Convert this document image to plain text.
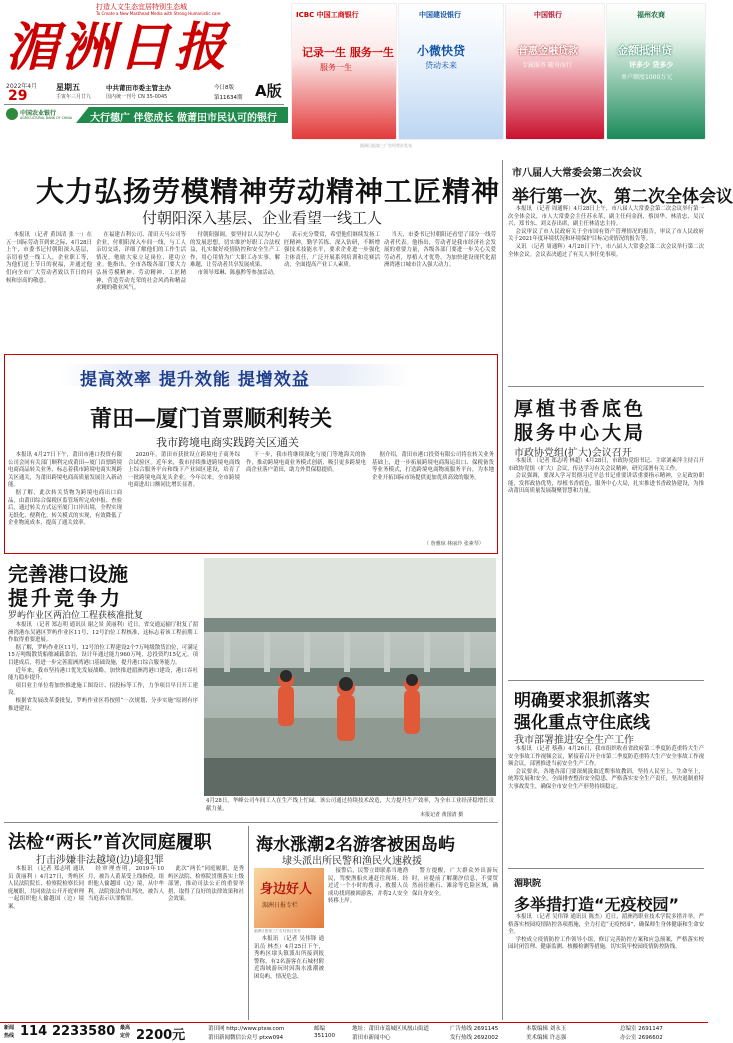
打造人文生态宜居特别生态城
To Create a New Masthead Media with Strong Humanistic care
湄洲日报
2022年4月
29
星期五
壬寅年三月廿九
中共莆田市委主管主办
国内统一刊号 CN 35-0045
今日8版
第11634期 A版
中国农业银行
AGRICULTURAL BANK OF CHINA 大行德广 伴您成长 做莆田市民认可的银行
ICBC 中国工商银行
记录一生 服务一生
服务一生
中国建设银行
小微快贷
贷动未来
中国银行
普惠金融贷款
专属服务 随身而行
福州农商
金额抵押贷
评多少 贷多少
单户额度1000万元
湄洲日报第三广告经营社发布
大力弘扬劳模精神劳动精神工匠精神
付朝阳深入基层、企业看望一线工人

本报讯 （记者 黄国清 张 一）在五一国际劳动节到来之际，4月28日上午，市委书记付朝阳深入基层，亲切看望一线工人，企业职工等，为他们送上节日的祝福，并通过他们向全市广大劳动者致以节日的问候和崇高的敬意。

在福建吉利公司、莆田天马公司等企业，付朝阳深入车间一线，与工人亲切交谈，详细了解他们的工作生活情况，勉励大家立足岗位、建功立业。他指出，全市各级各部门要大力弘扬劳模精神、劳动精神、工匠精神，营造劳动光荣的社会风尚和精益求精的敬业风气。

付朝阳强调，要坚持以人民为中心的发展思想，切实维护好职工合法权益，扎实做好疫情防控和安全生产工作，用心用情为广大职工办实事、解难题，让劳动者共享发展成果。

市领导郑琳、陈惠黔等参加活动。

表示充分赞赏，希望他们继续发扬工匠精神，勤学苦练、深入钻研，不断增强技术技能水平，要求企业进一步强化主体责任，广泛开展系列培训和竞赛活动，全面提高产业工人素质。

当天，市委书记付朝阳还看望了部分一线劳动者代表。他指出，劳动者是我市经济社会发展的重要力量，各级各部门要进一步关心关爱劳动者，厚植人才优势，为加快建设现代化湄洲湾港口城市注入强大动力。

提高效率 提升效能 提增效益
莆田—厦门首票顺利转关
我市跨境电商实践跨关区通关

本报讯 4月27日下午，莆田市港口投资有限公司会同有关部门顺利完成莆田—厦门首票跨境电商商品转关业务，标志着我市跨境电商实现跨关区通关，为莆田跨境电商高质量发展注入新动能。

据了解，此次转关货物为跨境电商出口商品，由莆田综合保税区监管场所完成申报、查验后，通过转关方式运至厦门口岸出境，全程实现无纸化、便利化。转关模式的实现，有效降低了企业物流成本，提高了通关效率。

2020年，莆田市获批设立跨境电子商务综合试验区。近年来，我市持续推进跨境电商线上综合服务平台和线下产业园区建设，培育了一批跨境电商龙头企业。今年以来，全市跨境电商进出口额同比增长显著。

下一步，我市将继续深化与厦门等地海关的协作，推动跨境电商业务模式创新，吸引更多跨境电商企业落户莆田，助力外贸保稳提质。

据介绍，莆田市港口投资有限公司将在转关业务基础上，进一步拓展跨境电商海运出口、保税备货等业务模式，打造跨境电商物流服务平台，为本地企业开拓国际市场提供更加优质高效的服务。

（ 詹雅琼 林丽玲 张素琴）
完善港口设施
提升竞争力
罗屿作业区两泊位工程获核准批复

本报讯 （记者 郑志明 通讯员 谢之景 黄丽利）近日，省交通运输厅批复了湄洲湾港东吴港区罗屿作业区11号、12号泊位工程核准，这标志着该工程前期工作取得重要进展。

据了解，罗屿作业区11号、12号泊位工程建设2个7万吨级散货泊位，可满足15万吨级散货船舶减载靠泊，设计年通过能力960万吨，总投资约15亿元。项目建成后，将进一步完善湄洲湾港口基础设施，提升港口综合服务能力。

近年来，我市坚持港口优先发展战略，加快推进湄洲湾港口建设，港口吞吐能力稳步提升。

项目业主单位将加快推进施工图设计、招投标等工作，力争项目早日开工建设。

根据省发展改革委批复，罗屿作业区将按照“一次规划、分步实施”原则有序推进建设。

4月28日，华峰公司车间工人在生产线上忙碌。该公司通过持续技术改造，大力提升生产效率，为全市工业经济稳增长贡献力量。
本报记者 黄国清 摄
法检“两长”首次同庭履职
打击涉嫌非法越境(边)境犯罪

本报讯 （记者 郑志明 通讯员 黄丽利 ）4月27日，秀屿区人民法院院长、检察院检察长同庭履职，共同依法公开开庭审理一起组织他人偷越国（边）境案。

经审理查明，2019年10月，被告人黄某受上线指使，组织他人偷越国（边）境，从中牟利。法院依法作出判决，被告人当庭表示认罪悔罪。

此次“两长”同庭履职，是秀屿区法院、检察院贯彻落实上级部署，推动司法公正的重要举措，取得了良好的法律效果和社会效果。

海水涨潮2名游客被困岛屿
埭头派出所民警和渔民火速救援
身边好人
湄洲日报专栏
湄洲日报第三广告经营社发布

本报讯 （记者 吴伟锋 通讯员 林杰）4月25日下午，秀屿区埭头镇派出所接到报警称，有2名游客在石城村附近海域游玩时因海水涨潮被困岛屿，情况危急。

接警后，民警立即联系当地渔民，驾驶渔船火速赶往现场。经过近一个小时的搜寻，救援人员成功找到被困游客，并将2人安全转移上岸。

警方提醒，广大群众外出游玩时，应提前了解潮汐信息，不要贸然前往礁石、滩涂等危险区域，确保自身安全。

市八届人大常委会第二次会议
举行第一次、第二次全体会议

本报讯 （记者 周通辉）4月28日上午，市八届人大常委会第二次会议举行第一次全体会议，市人大常委会主任苏永革，副主任何金润、蔡国华、林清忠、吴汉兴、郑书东、刘义春出席，副主任林清忠主持。

会议审议了市人民政府关于全市国有资产管理情况的报告，审议了市人民政府关于2021年度环境状况和环境保护目标完成情况的报告等。

又讯 （记者 周通辉）4月28日下午，市八届人大常委会第二次会议举行第二次全体会议。会议表决通过了有关人事任免事项。

厚植书香底色
服务中心大局
市政协党组(扩大)会议召开

本报讯 （记者 郑志明 林超）4月28日，市政协党组书记、主席刘素萍主持召开市政协党组（扩大）会议，传达学习有关会议精神，研究部署有关工作。

会议强调，要深入学习贯彻习近平总书记重要讲话重要指示精神，立足政协职能，发挥政协优势，厚植书香底色，服务中心大局，扎实推进书香政协建设，为推动莆田高质量发展凝聚智慧和力量。

明确要求狠抓落实
强化重点守住底线
我市部署推进安全生产工作

本报讯 （记者 蔡燕）4月26日，我市组织收看省政府第二季度防范重特大生产安全事故工作视频会议，紧接着召开全市第二季度防范重特大生产安全事故工作视频会议，部署推进当前安全生产工作。

会议要求，各地各部门要深刻汲取近期事故教训，坚持人民至上、生命至上，统筹发展和安全，全面排查整治安全隐患，严格落实安全生产责任，坚决遏制重特大事故发生，确保全市安全生产形势持续稳定。

湄职院
多举措打造“无疫校园”

本报讯 （记者 吴伟锋 通讯员 陈杰）近日，湄洲湾职业技术学院多措并举，严格落实校园疫情防控各项措施，全力打造“无疫校园”，确保师生身体健康和生命安全。

学校成立疫情防控工作领导小组，修订完善防控方案和应急预案，严格落实校园封闭管理、健康监测、核酸检测等措施，切实筑牢校园疫情防控防线。

新闻
热线 114 2233580 最高
定价 2200元	莆田网 http://www.ptxw.com
莆田新闻微信公众号 ptxw094
邮编
351100
地址：莆田市荔城区凤凰山街道
莆田市新闻中心
广告热线 2691145
发行热线 2692002
本版编辑 刘永玉
美术编辑 许志强
总编室 2691147
办公室 2696602
